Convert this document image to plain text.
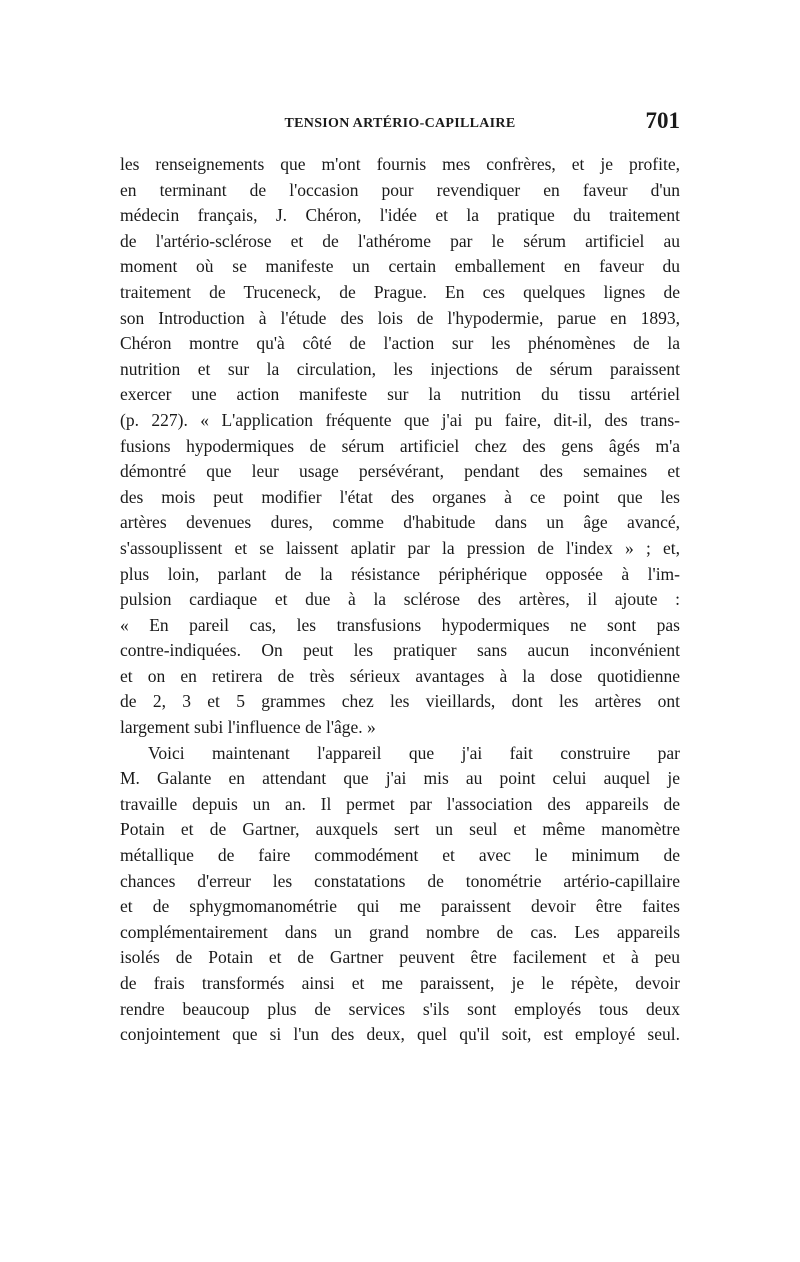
TENSION ARTÉRIO-CAPILLAIRE	701
les renseignements que m'ont fournis mes confrères, et je profite,
en terminant de l'occasion pour revendiquer en faveur d'un
médecin français, J. Chéron, l'idée et la pratique du traitement
de l'artério-sclérose et de l'athérome par le sérum artificiel au
moment où se manifeste un certain emballement en faveur du
traitement de Truceneck, de Prague. En ces quelques lignes de
son Introduction à l'étude des lois de l'hypodermie, parue en 1893,
Chéron montre qu'à côté de l'action sur les phénomènes de la
nutrition et sur la circulation, les injections de sérum paraissent
exercer une action manifeste sur la nutrition du tissu artériel
(p. 227). « L'application fréquente que j'ai pu faire, dit-il, des trans-
fusions hypodermiques de sérum artificiel chez des gens âgés m'a
démontré que leur usage persévérant, pendant des semaines et
des mois peut modifier l'état des organes à ce point que les
artères devenues dures, comme d'habitude dans un âge avancé,
s'assouplissent et se laissent aplatir par la pression de l'index » ; et,
plus loin, parlant de la résistance périphérique opposée à l'im-
pulsion cardiaque et due à la sclérose des artères, il ajoute :
« En pareil cas, les transfusions hypodermiques ne sont pas
contre-indiquées. On peut les pratiquer sans aucun inconvénient
et on en retirera de très sérieux avantages à la dose quotidienne
de 2, 3 et 5 grammes chez les vieillards, dont les artères ont
largement subi l'influence de l'âge. »
Voici maintenant l'appareil que j'ai fait construire par
M. Galante en attendant que j'ai mis au point celui auquel je
travaille depuis un an. Il permet par l'association des appareils de
Potain et de Gartner, auxquels sert un seul et même manomètre
métallique de faire commodément et avec le minimum de
chances d'erreur les constatations de tonométrie artério-capillaire
et de sphygmomanométrie qui me paraissent devoir être faites
complémentairement dans un grand nombre de cas. Les appareils
isolés de Potain et de Gartner peuvent être facilement et à peu
de frais transformés ainsi et me paraissent, je le répète, devoir
rendre beaucoup plus de services s'ils sont employés tous deux
conjointement que si l'un des deux, quel qu'il soit, est employé seul.
